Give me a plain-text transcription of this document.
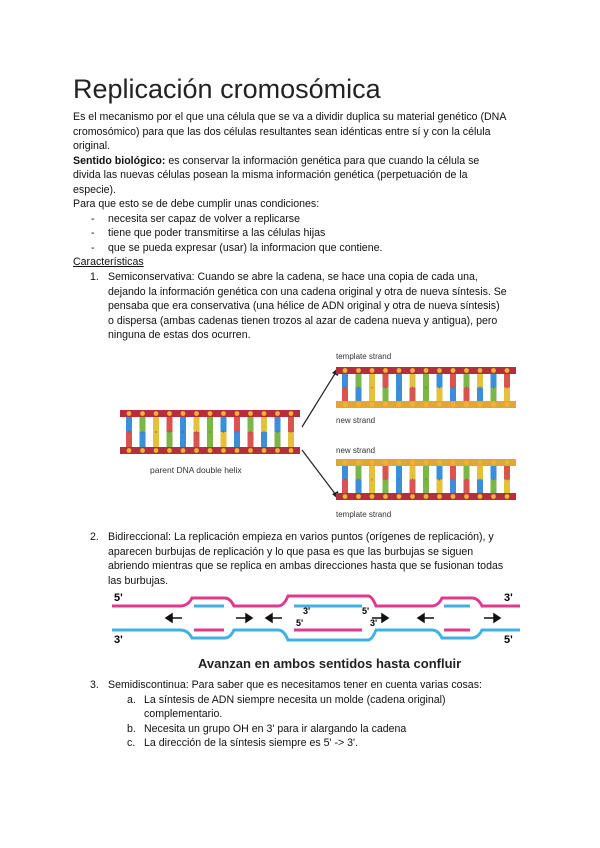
Replicación cromosómica

Es el mecanismo por el que una célula que se va a dividir duplica su material genético (DNA

cromosómico) para que las dos células resultantes sean idénticas entre sí y con la célula

original.

Sentido biológico: es conservar la información genética para que cuando la célula se

divida las nuevas células posean la misma información genética (perpetuación de la

especie).

Para que esto se de debe cumplir unas condiciones:

- necesita ser capaz de volver a replicarse

- tiene que poder transmitirse a las células hijas

- que se pueda expresar (usar) la informacion que contiene.

Características

1. Semiconservativa: Cuando se abre la cadena, se hace una copia de cada una,

dejando la información genética con una cadena original y otra de nueva síntesis. Se

pensaba que era conservativa (una hélice de ADN original y otra de nueva síntesis)

o dispersa (ambas cadenas tienen trozos al azar de cadena nueva y antigua), pero

ninguna de estas dos ocurren.

parent DNA double helix
template strand
new strand
new strand
template strand
2. Bidireccional: La replicación empieza en varios puntos (orígenes de replicación), y

aparecen burbujas de replicación y lo que pasa es que las burbujas se siguen

abriendo mientras que se replica en ambas direcciones hasta que se fusionan todas

las burbujas.

5'
3'
3'
5'
3'
5'
5'
3'
Avanzan en ambos sentidos hasta confluir
3. Semidiscontinua: Para saber que es necesitamos tener en cuenta varias cosas:

a. La síntesis de ADN siempre necesita un molde (cadena original)

complementario.

b. Necesita un grupo OH en 3' para ir alargando la cadena

c. La dirección de la síntesis siempre es 5' -> 3'.
